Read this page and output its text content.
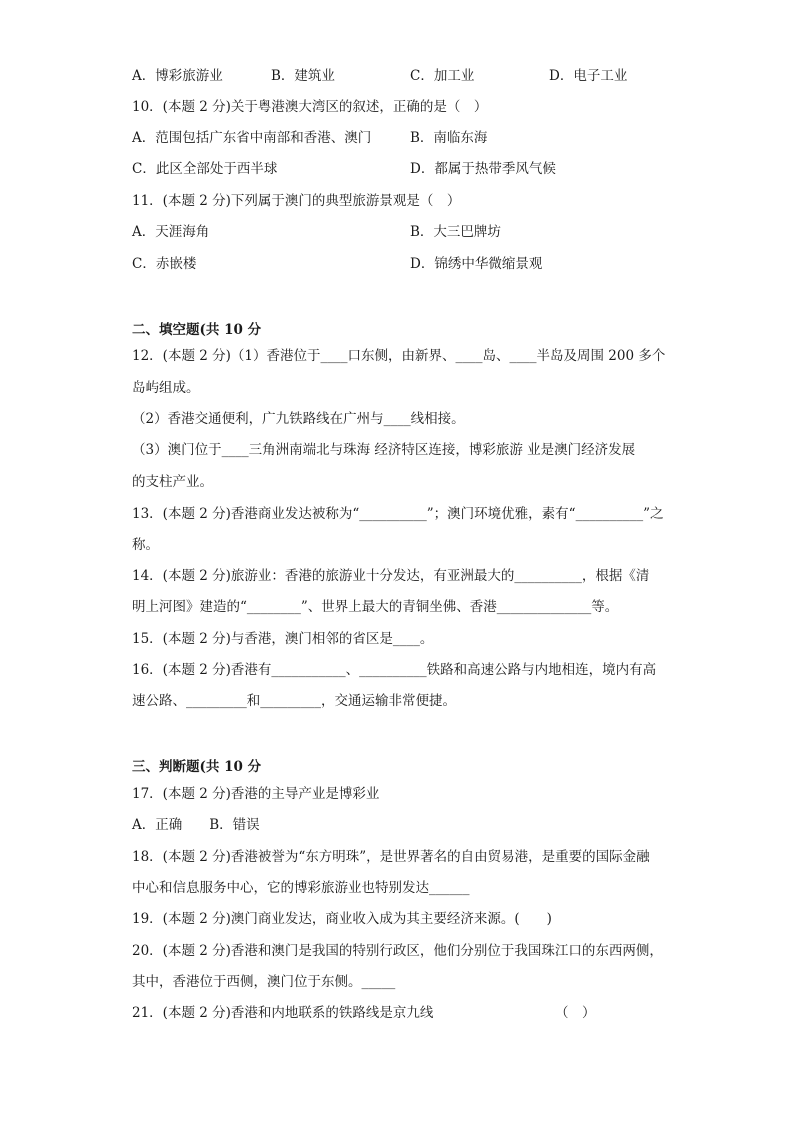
A．博彩旅游业	B．建筑业	C．加工业	D．电子工业
10．(本题 2 分)关于粤港澳大湾区的叙述，正确的是（　）
A．范围包括广东省中南部和香港、澳门	B．南临东海
C．此区全部处于西半球	D．都属于热带季风气候
11．(本题 2 分)下列属于澳门的典型旅游景观是（　）
A．天涯海角	B．大三巴牌坊
C．赤嵌楼	D．锦绣中华微缩景观
二、填空题(共 10 分
12．(本题 2 分)（1）香港位于____口东侧，由新界、____岛、____半岛及周围 200 多个
岛屿组成。
（2）香港交通便利，广九铁路线在广州与____线相接。
（3）澳门位于____三角洲南端北与珠海 经济特区连接，博彩旅游 业是澳门经济发展
的支柱产业。
13．(本题 2 分)香港商业发达被称为“__________”；澳门环境优雅，素有“__________”之
称。
14．(本题 2 分)旅游业：香港的旅游业十分发达，有亚洲最大的__________，根据《清
明上河图》建造的“________”、世界上最大的青铜坐佛、香港______________等。
15．(本题 2 分)与香港，澳门相邻的省区是____。
16．(本题 2 分)香港有___________、__________铁路和高速公路与内地相连，境内有高
速公路、_________和_________，交通运输非常便捷。
三、判断题(共 10 分
17．(本题 2 分)香港的主导产业是博彩业
A．正确　　B．错误
18．(本题 2 分)香港被誉为“东方明珠”，是世界著名的自由贸易港，是重要的国际金融
中心和信息服务中心，它的博彩旅游业也特别发达______
19．(本题 2 分)澳门商业发达，商业收入成为其主要经济来源。(　　)
20．(本题 2 分)香港和澳门是我国的特别行政区，他们分别位于我国珠江口的东西两侧，
其中，香港位于西侧，澳门位于东侧。_____
21．(本题 2 分)香港和内地联系的铁路线是京九线	（　）
